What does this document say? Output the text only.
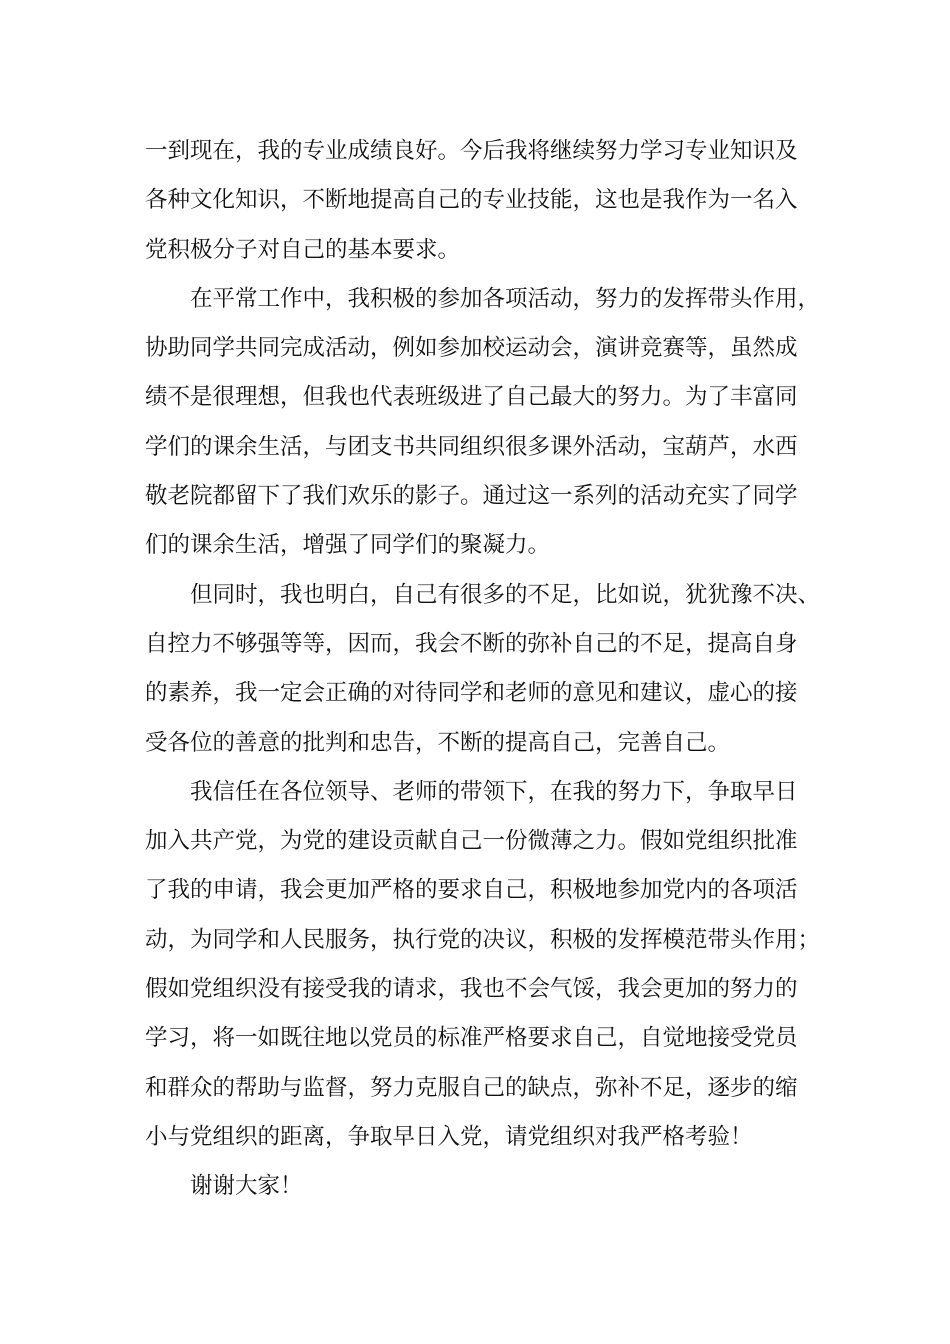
一到现在，我的专业成绩良好。今后我将继续努力学习专业知识及
各种文化知识，不断地提高自己的专业技能，这也是我作为一名入
党积极分子对自己的基本要求。
在平常工作中，我积极的参加各项活动，努力的发挥带头作用，
协助同学共同完成活动，例如参加校运动会，演讲竞赛等，虽然成
绩不是很理想，但我也代表班级进了自己最大的努力。为了丰富同
学们的课余生活，与团支书共同组织很多课外活动，宝葫芦，水西
敬老院都留下了我们欢乐的影子。通过这一系列的活动充实了同学
们的课余生活，增强了同学们的聚凝力。
但同时，我也明白，自己有很多的不足，比如说，犹犹豫不决、
自控力不够强等等，因而，我会不断的弥补自己的不足，提高自身
的素养，我一定会正确的对待同学和老师的意见和建议，虚心的接
受各位的善意的批判和忠告，不断的提高自己，完善自己。
我信任在各位领导、老师的带领下，在我的努力下，争取早日
加入共产党，为党的建设贡献自己一份微薄之力。假如党组织批准
了我的申请，我会更加严格的要求自己，积极地参加党内的各项活
动，为同学和人民服务，执行党的决议，积极的发挥模范带头作用；
假如党组织没有接受我的请求，我也不会气馁，我会更加的努力的
学习，将一如既往地以党员的标准严格要求自己，自觉地接受党员
和群众的帮助与监督，努力克服自己的缺点，弥补不足，逐步的缩
小与党组织的距离，争取早日入党，请党组织对我严格考验！
谢谢大家！
